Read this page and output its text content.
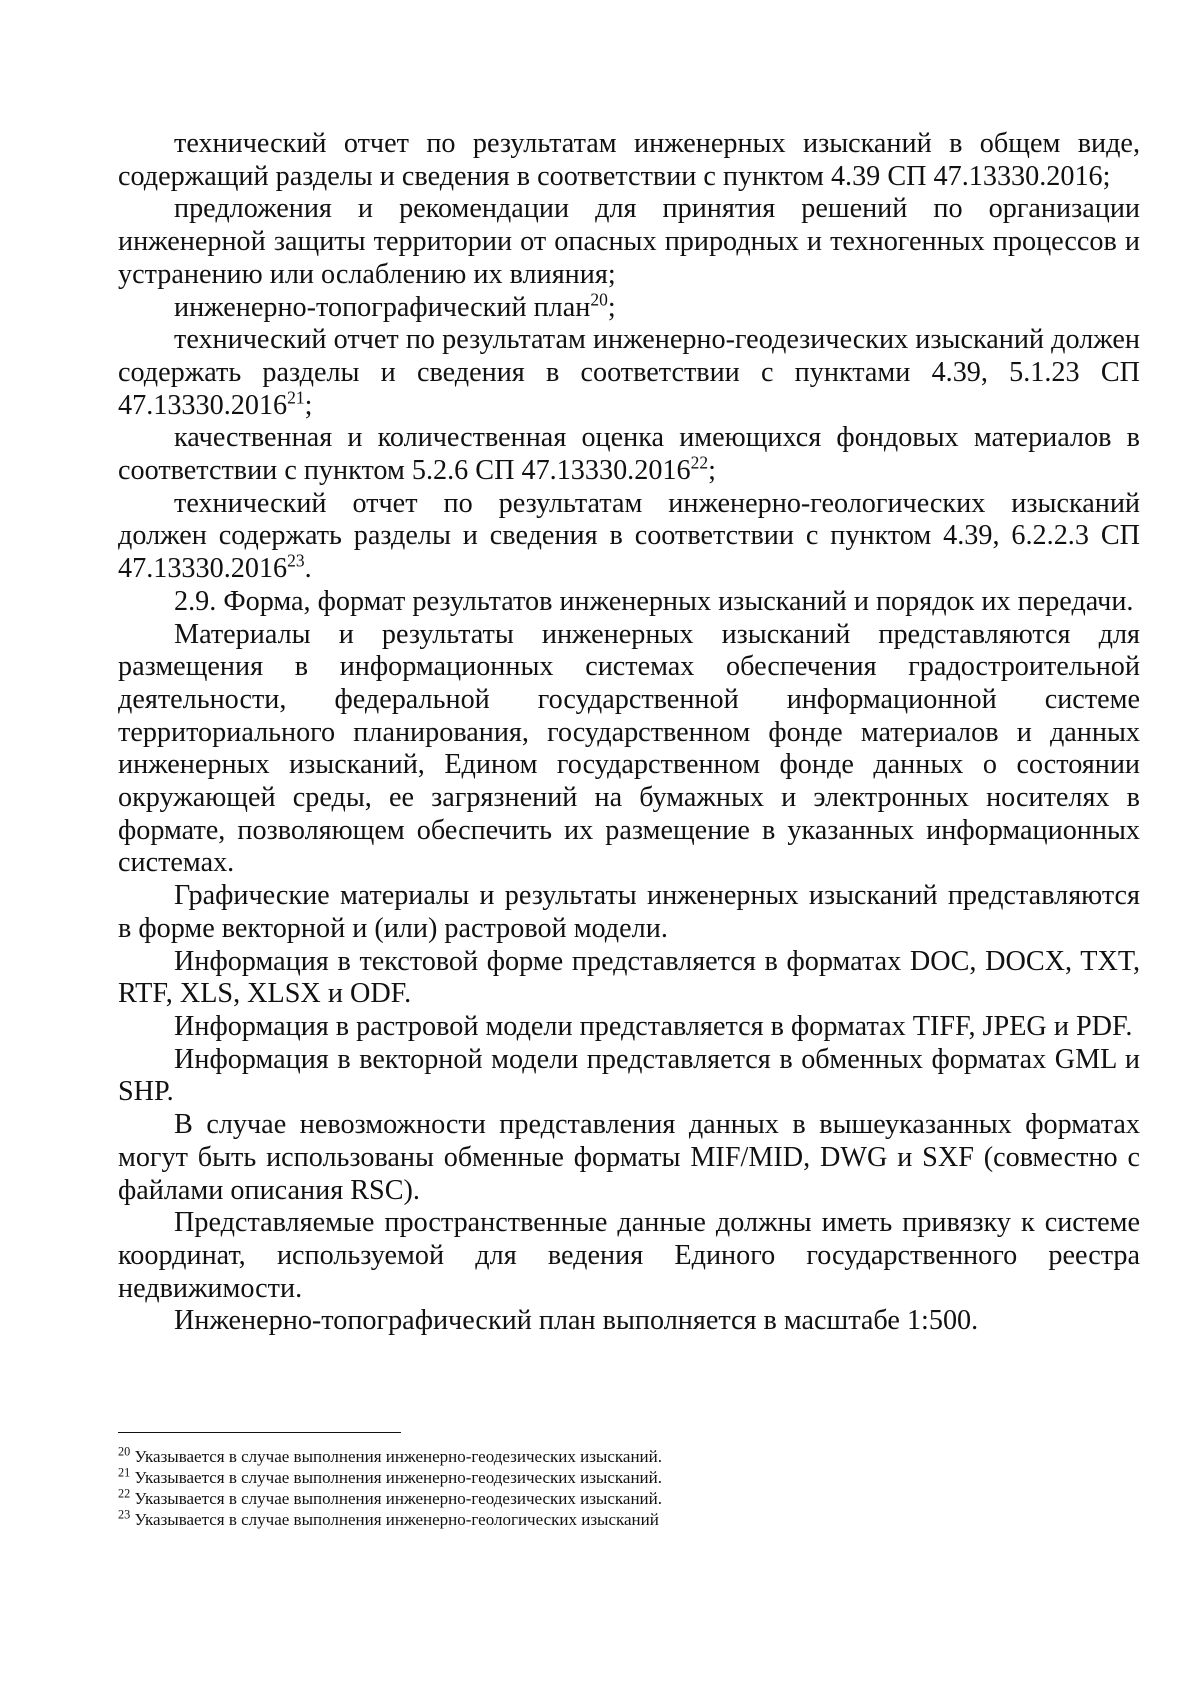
технический отчет по результатам инженерных изысканий в общем виде, содержащий разделы и сведения в соответствии с пунктом 4.39 СП 47.13330.2016;

предложения и рекомендации для принятия решений по организации инженерной защиты территории от опасных природных и техногенных процессов и устранению или ослаблению их влияния;

инженерно-топографический план$^{20}$;

технический отчет по результатам инженерно-геодезических изысканий должен содержать разделы и сведения в соответствии с пунктами 4.39, 5.1.23 СП 47.13330.2016$^{21}$;

качественная и количественная оценка имеющихся фондовых материалов в соответствии с пунктом 5.2.6 СП 47.13330.2016$^{22}$;

технический отчет по результатам инженерно-геологических изысканий должен содержать разделы и сведения в соответствии с пунктом 4.39, 6.2.2.3 СП 47.13330.2016$^{23}$.

2.9. Форма, формат результатов инженерных изысканий и порядок их передачи.

Материалы и результаты инженерных изысканий представляются для размещения в информационных системах обеспечения градостроительной деятельности, федеральной государственной информационной системе территориального планирования, государственном фонде материалов и данных инженерных изысканий, Едином государственном фонде данных о состоянии окружающей среды, ее загрязнений на бумажных и электронных носителях в формате, позволяющем обеспечить их размещение в указанных информационных системах.

Графические материалы и результаты инженерных изысканий представляются в форме векторной и (или) растровой модели.

Информация в текстовой форме представляется в форматах DOC, DOCX, TXT, RTF, XLS, XLSX и ODF.

Информация в растровой модели представляется в форматах TIFF, JPEG и PDF.

Информация в векторной модели представляется в обменных форматах GML и SHP.

В случае невозможности представления данных в вышеуказанных форматах могут быть использованы обменные форматы MIF/MID, DWG и SXF (совместно с файлами описания RSC).

Представляемые пространственные данные должны иметь привязку к системе координат, используемой для ведения Единого государственного реестра недвижимости.

Инженерно-топографический план выполняется в масштабе 1:500.

$^{20}$ Указывается в случае выполнения инженерно-геодезических изысканий.

$^{21}$ Указывается в случае выполнения инженерно-геодезических изысканий.

$^{22}$ Указывается в случае выполнения инженерно-геодезических изысканий.

$^{23}$ Указывается в случае выполнения инженерно-геологических изысканий
